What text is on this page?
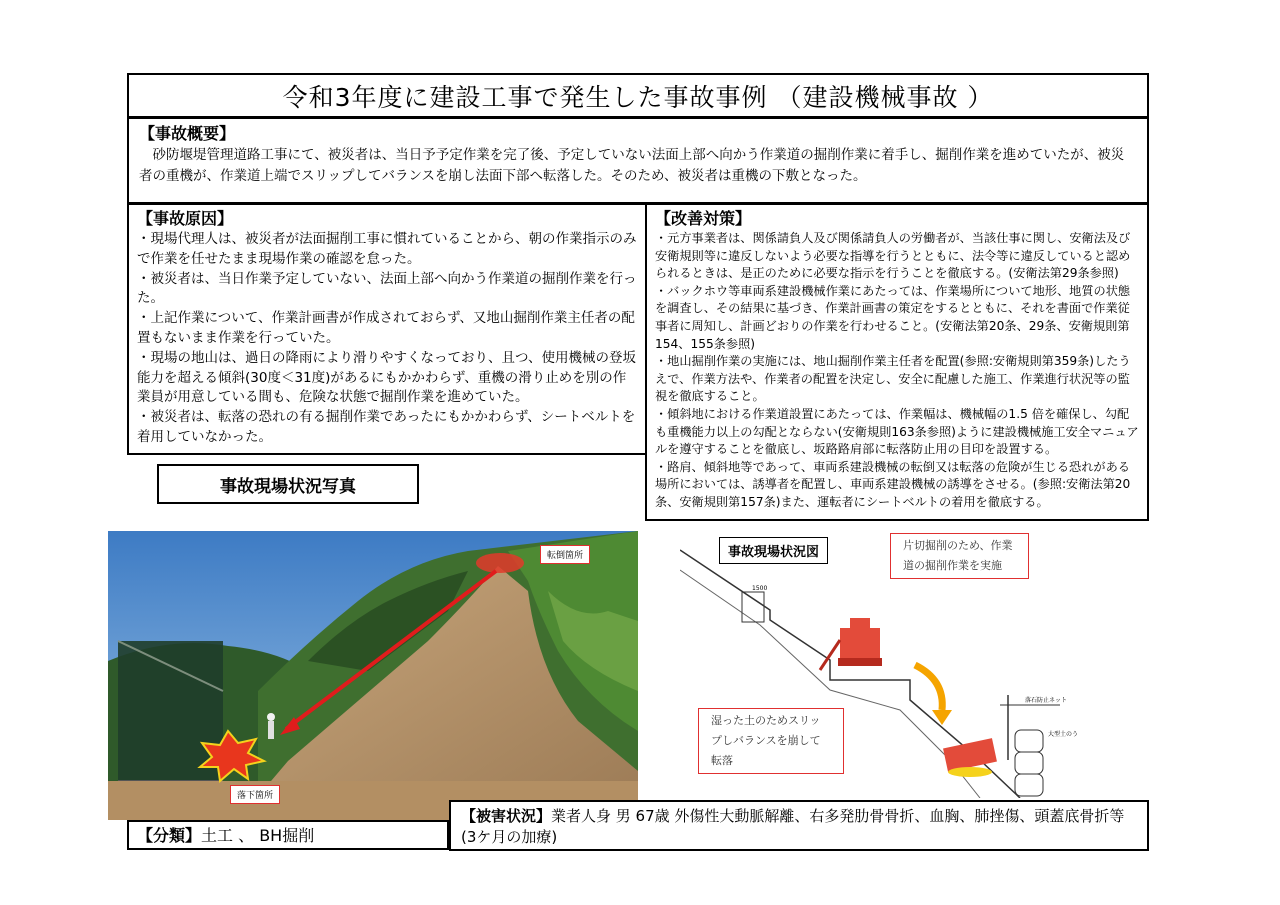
令和3年度に建設工事で発生した事故事例 （建設機械事故 ）
【事故概要】
砂防堰堤管理道路工事にて、被災者は、当日予予定作業を完了後、予定していない法面上部へ向かう作業道の掘削作業に着手し、掘削作業を進めていたが、被災者の重機が、作業道上端でスリップしてバランスを崩し法面下部へ転落した。そのため、被災者は重機の下敷となった。
【事故原因】
・現場代理人は、被災者が法面掘削工事に慣れていることから、朝の作業指示のみで作業を任せたまま現場作業の確認を怠った。
・被災者は、当日作業予定していない、法面上部へ向かう作業道の掘削作業を行った。
・上記作業について、作業計画書が作成されておらず、又地山掘削作業主任者の配置もないまま作業を行っていた。
・現場の地山は、過日の降雨により滑りやすくなっており、且つ、使用機械の登坂能力を超える傾斜(30度＜31度)があるにもかかわらず、重機の滑り止めを別の作業員が用意している間も、危険な状態で掘削作業を進めていた。
・被災者は、転落の恐れの有る掘削作業であったにもかかわらず、シートベルトを着用していなかった。
【改善対策】
・元方事業者は、関係請負人及び関係請負人の労働者が、当該仕事に関し、安衛法及び安衛規則等に違反しないよう必要な指導を行うとともに、法令等に違反していると認められるときは、是正のために必要な指示を行うことを徹底する。(安衛法第29条参照)
・バックホウ等車両系建設機械作業にあたっては、作業場所について地形、地質の状態を調査し、その結果に基づき、作業計画書の策定をするとともに、それを書面で作業従事者に周知し、計画どおりの作業を行わせること。(安衛法第20条、29条、安衛規則第154、155条参照)
・地山掘削作業の実施には、地山掘削作業主任者を配置(参照:安衛規則第359条)したうえで、作業方法や、作業者の配置を決定し、安全に配慮した施工、作業進行状況等の監視を徹底すること。
・傾斜地における作業道設置にあたっては、作業幅は、機械幅の1.5 倍を確保し、勾配も重機能力以上の勾配とならない(安衛規則163条参照)ように建設機械施工安全マニュアルを遵守することを徹底し、坂路路肩部に転落防止用の目印を設置する。
・路肩、傾斜地等であって、車両系建設機械の転倒又は転落の危険が生じる恐れがある場所においては、誘導者を配置し、車両系建設機械の誘導をさせる。(参照:安衛法第20条、安衛規則第157条)また、運転者にシートベルトの着用を徹底する。
事故現場状況写真
転倒箇所
落下箇所
1500
落石防止ネット
大型土のう
事故現場状況図	片切掘削のため、作業道の掘削作業を実施
湿った土のためスリップしバランスを崩して転落
【分類】土工 、 BH掘削
【被害状況】業者人身 男 67歳 外傷性大動脈解離、右多発肋骨骨折、血胸、肺挫傷、頭蓋底骨折等(3ケ月の加療)
